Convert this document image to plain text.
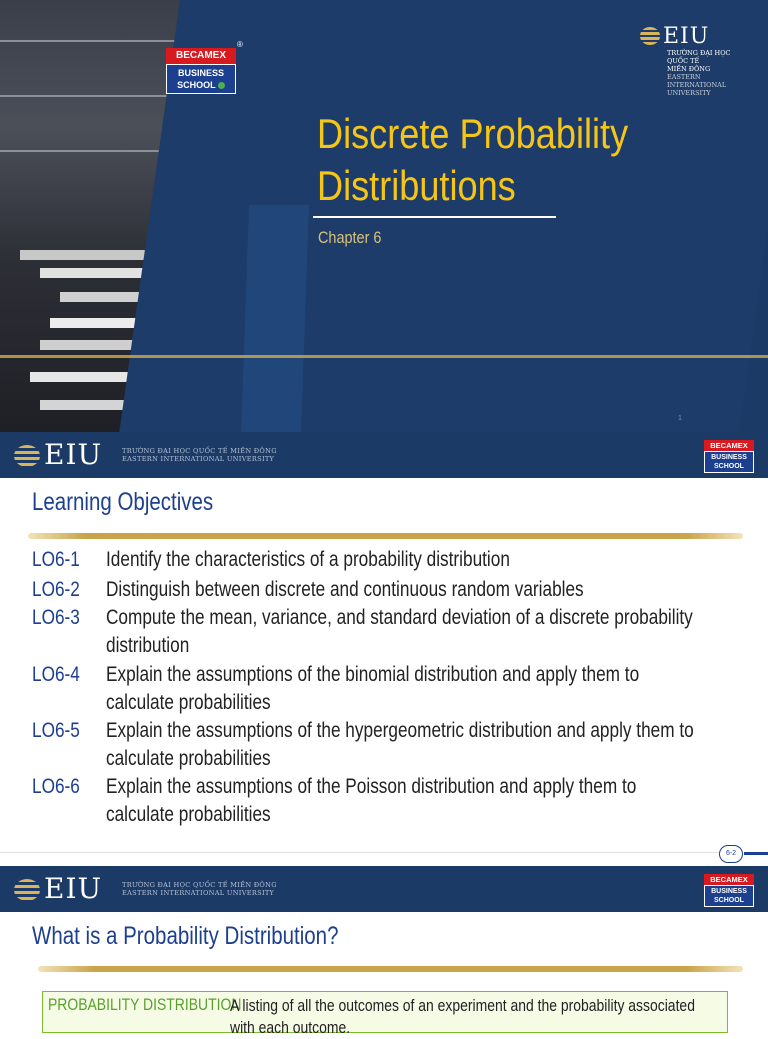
BECAMEX
BUSINESS
SCHOOL
®	EIU
TRƯỜNG ĐẠI HỌC
QUỐC TẾ
MIỀN ĐÔNG
EASTERN
INTERNATIONAL
UNIVERSITY
Discrete Probability
Distributions
Chapter 6
1
EIU	TRƯỜNG ĐẠI HỌC QUỐC TẾ MIỀN ĐÔNG
EASTERN INTERNATIONAL UNIVERSITY
BECAMEX
BUSINESS
SCHOOL
Learning Objectives
LO6-1 Identify the characteristics of a probability distribution
LO6-2 Distinguish between discrete and continuous random variables
LO6-3 Compute the mean, variance, and standard deviation of a discrete probability distribution
LO6-4 Explain the assumptions of the binomial distribution and apply them to calculate probabilities
LO6-5 Explain the assumptions of the hypergeometric distribution and apply them to calculate probabilities
LO6-6 Explain the assumptions of the Poisson distribution and apply them to calculate probabilities
6-2
EIU	TRƯỜNG ĐẠI HỌC QUỐC TẾ MIỀN ĐÔNG
EASTERN INTERNATIONAL UNIVERSITY
BECAMEX
BUSINESS
SCHOOL
What is a Probability Distribution?
PROBABILITY DISTRIBUTION
A listing of all the outcomes of an experiment and the probability associated with each outcome.
